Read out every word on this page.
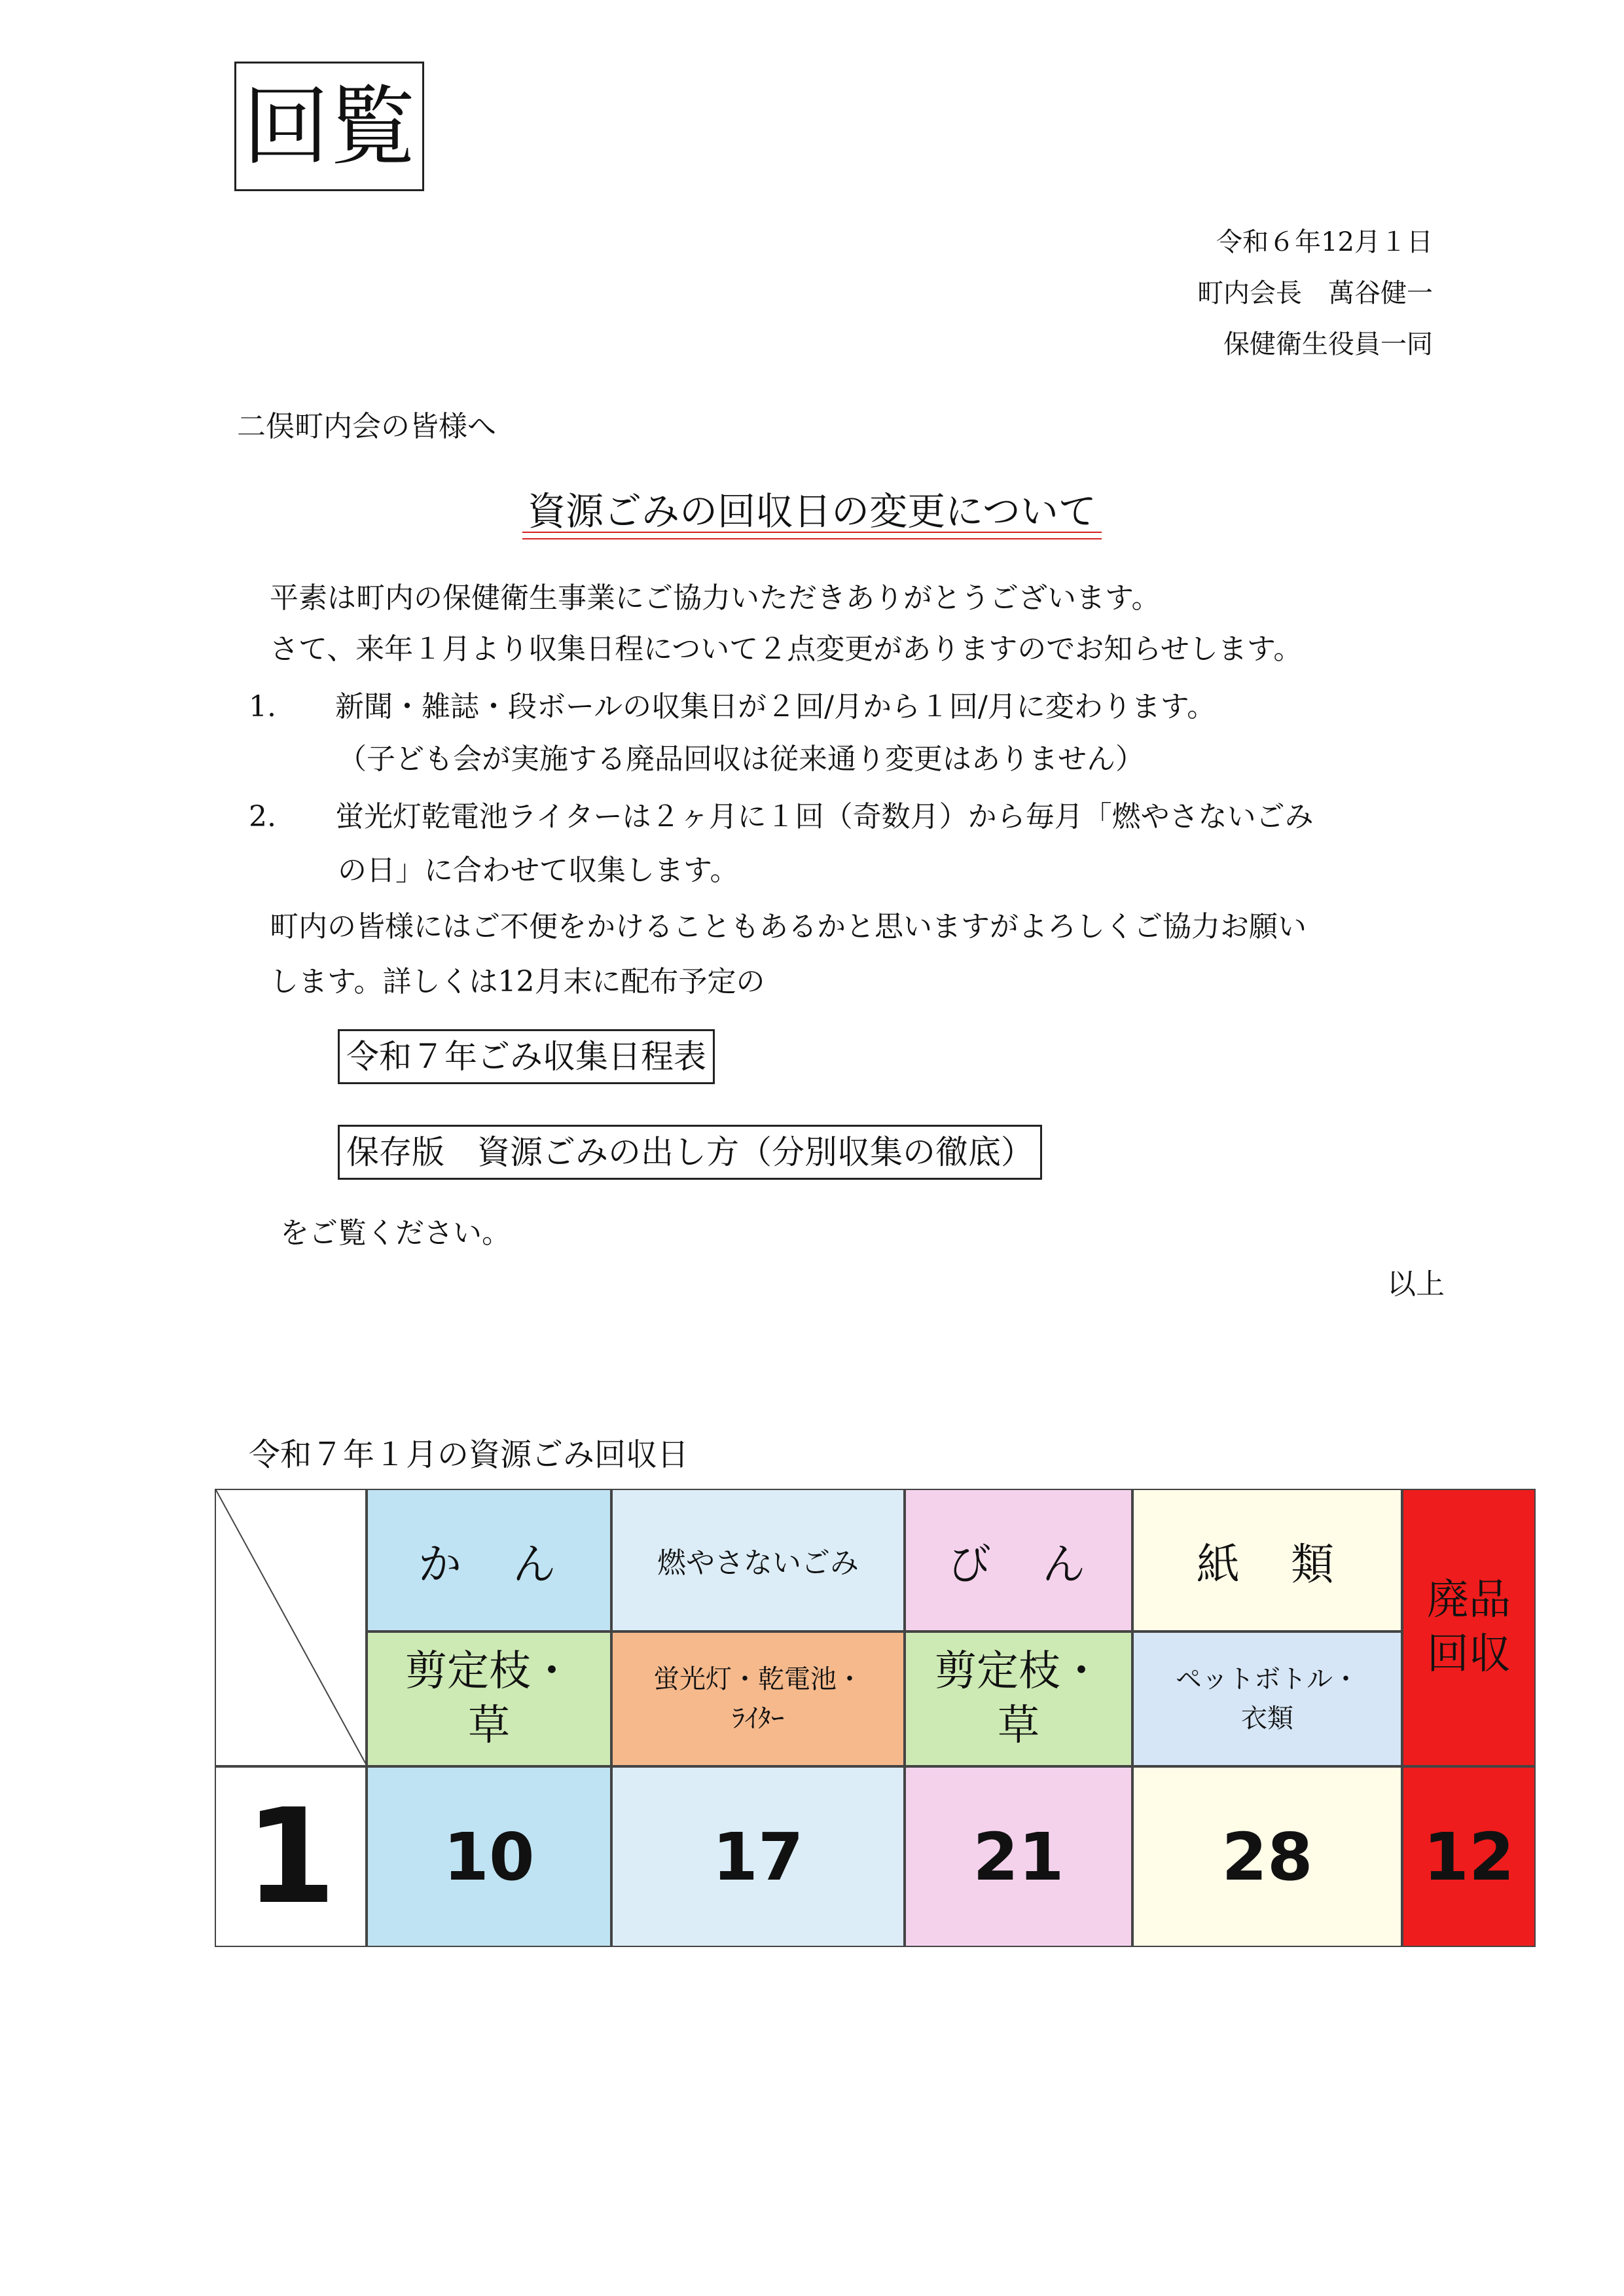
回覧
令和６年12月１日
町内会長　萬谷健一
保健衛生役員一同
二俣町内会の皆様へ
資源ごみの回収日の変更について
平素は町内の保健衛生事業にご協力いただきありがとうございます。
さて、来年１月より収集日程について２点変更がありますのでお知らせします。
1. 新聞・雑誌・段ボールの収集日が２回/月から１回/月に変わります。
（子ども会が実施する廃品回収は従来通り変更はありません）
2. 蛍光灯乾電池ライターは２ヶ月に１回（奇数月）から毎月「燃やさないごみ
の日」に合わせて収集します。
町内の皆様にはご不便をかけることもあるかと思いますがよろしくご協力お願い
します。詳しくは12月末に配布予定の
令和７年ごみ収集日程表
保存版　資源ごみの出し方（分別収集の徹底）
をご覧ください。
以上
令和７年１月の資源ごみ回収日
か　ん
剪定枝・
草
10
燃やさないごみ
蛍光灯・乾電池・
ﾗｲﾀｰ
17
び　ん
剪定枝・
草
21
紙　類
ペットボトル・
衣類
28
廃品
回収
12
1
